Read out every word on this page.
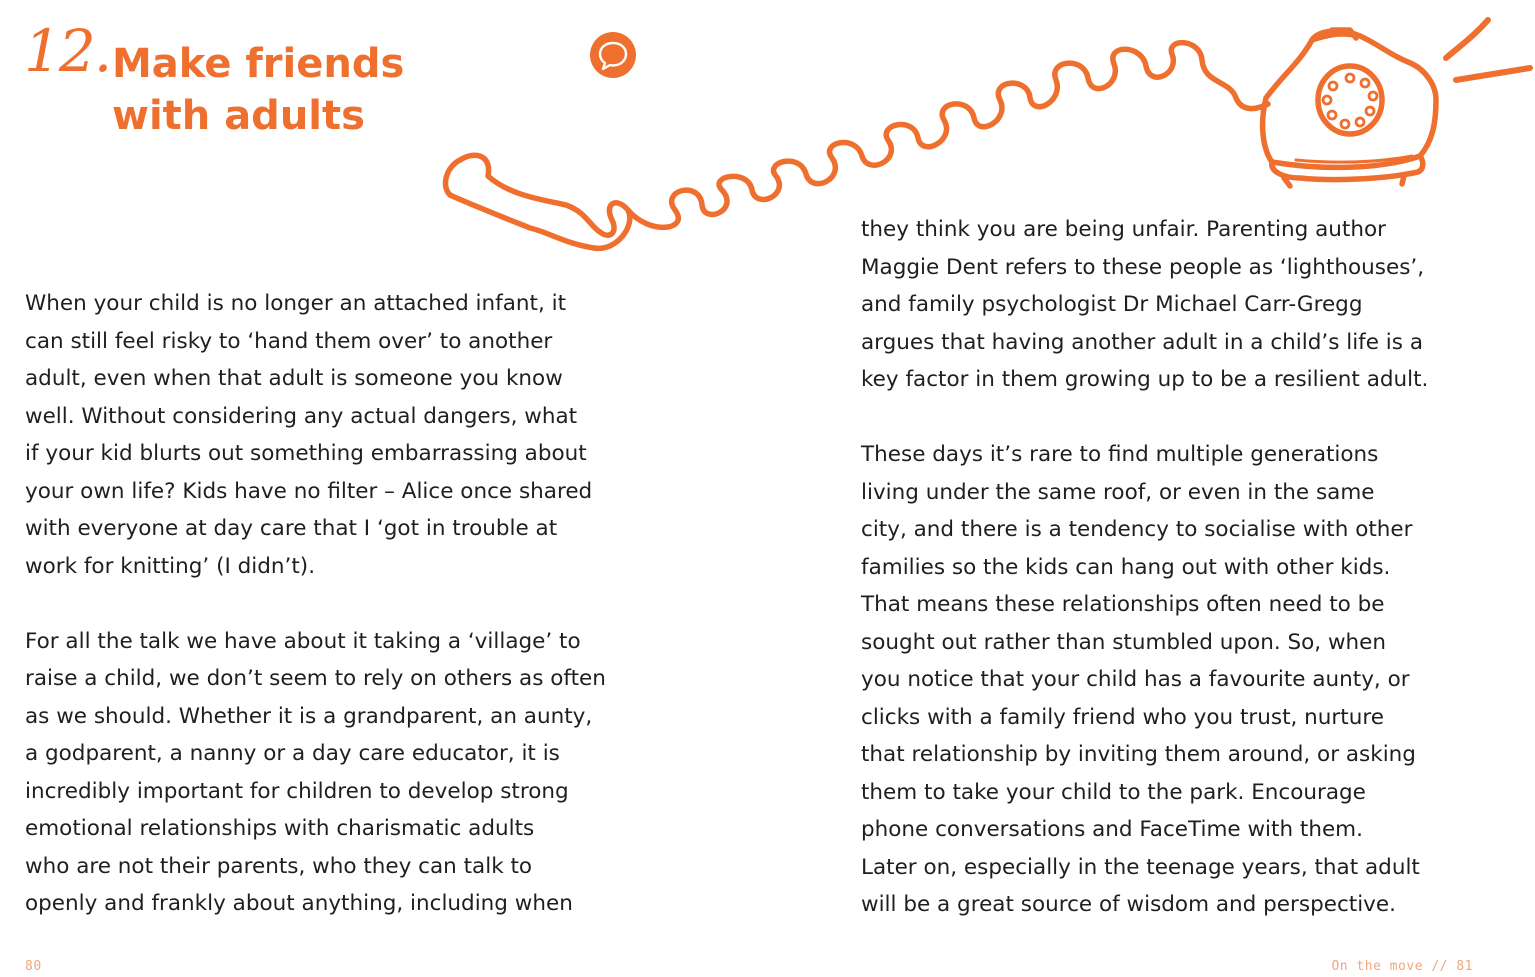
12. Make friends
with adults

When your child is no longer an attached infant, it
can still feel risky to ‘hand them over’ to another
adult, even when that adult is someone you know
well. Without considering any actual dangers, what
if your kid blurts out something embarrassing about
your own life? Kids have no filter – Alice once shared
with everyone at day care that I ‘got in trouble at
work for knitting’ (I didn’t).

For all the talk we have about it taking a ‘village’ to
raise a child, we don’t seem to rely on others as often
as we should. Whether it is a grandparent, an aunty,
a godparent, a nanny or a day care educator, it is
incredibly important for children to develop strong
emotional relationships with charismatic adults
who are not their parents, who they can talk to
openly and frankly about anything, including when

they think you are being unfair. Parenting author
Maggie Dent refers to these people as ‘lighthouses’,
and family psychologist Dr Michael Carr-Gregg
argues that having another adult in a child’s life is a
key factor in them growing up to be a resilient adult.

These days it’s rare to find multiple generations
living under the same roof, or even in the same
city, and there is a tendency to socialise with other
families so the kids can hang out with other kids.
That means these relationships often need to be
sought out rather than stumbled upon. So, when
you notice that your child has a favourite aunty, or
clicks with a family friend who you trust, nurture
that relationship by inviting them around, or asking
them to take your child to the park. Encourage
phone conversations and FaceTime with them.
Later on, especially in the teenage years, that adult
will be a great source of wisdom and perspective.

80	On the move // 81
